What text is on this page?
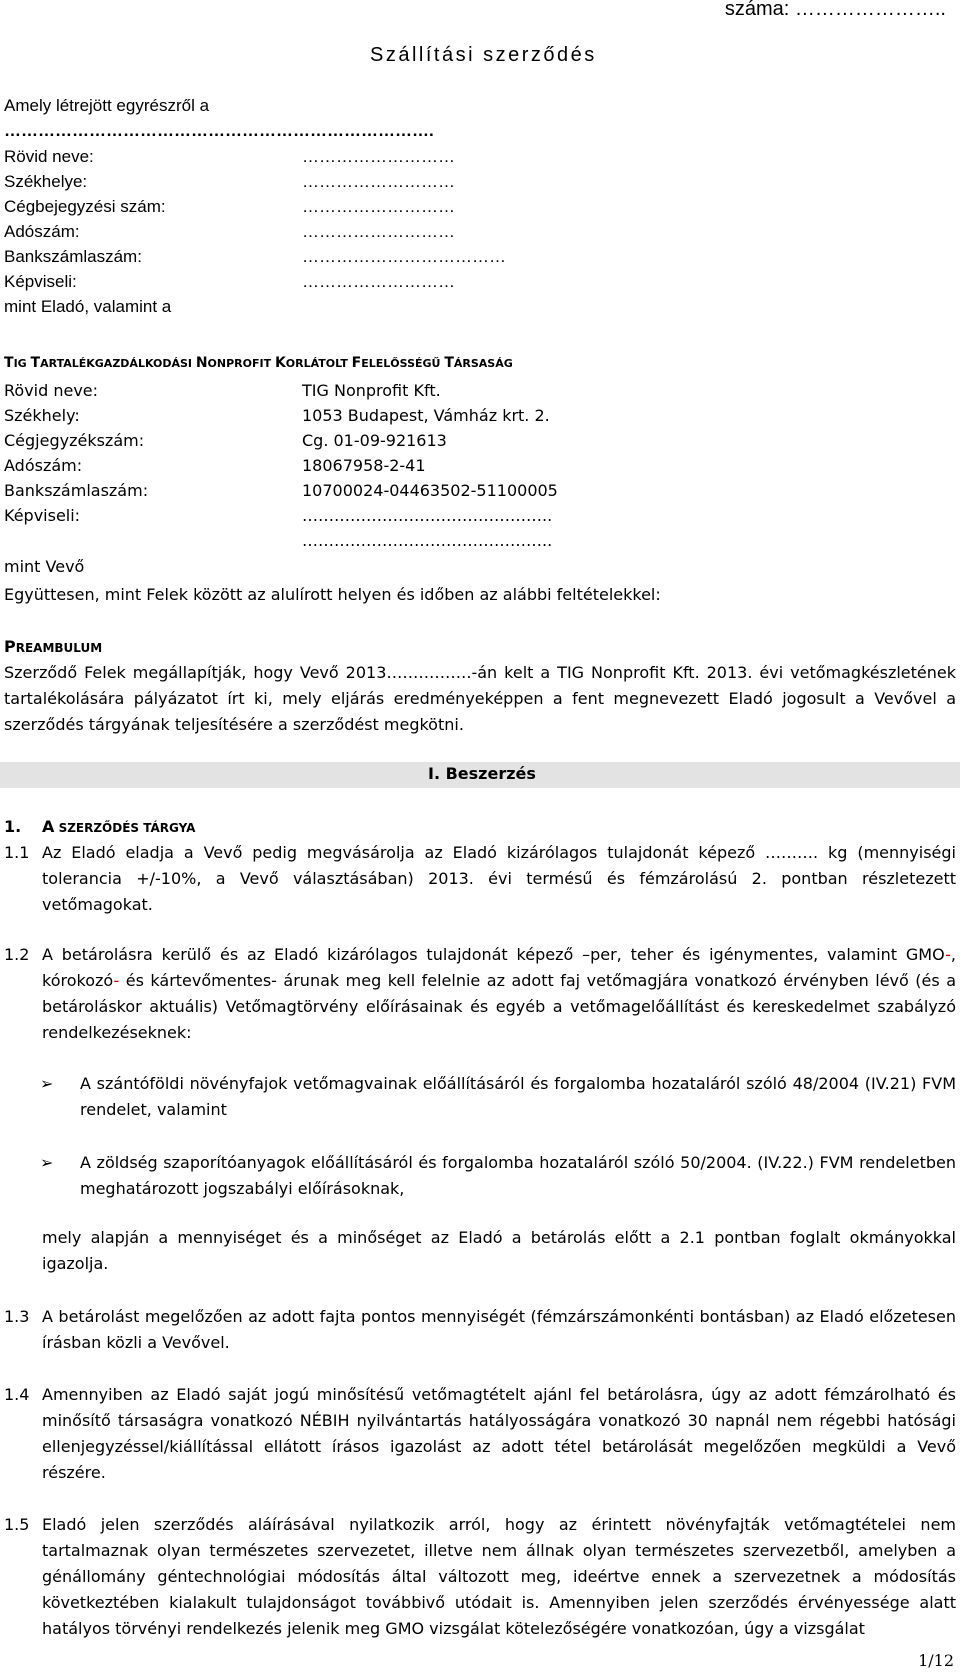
száma: …………………..
Szállítási szerződés
Amely létrejött egyrészről a
………………………………………………………………….
Rövid neve:	………………………
Székhelye:	………………………
Cégbejegyzési szám:	………………………
Adószám:	………………………
Bankszámlaszám:	………………………………
Képviseli:	………………………
mint Eladó, valamint a
TIG TARTALÉKGAZDÁLKODÁSI NONPROFIT KORLÁTOLT FELELŐSSÉGŰ TÁRSASÁG
Rövid neve:	TIG Nonprofit Kft.
Székhely:	1053 Budapest, Vámház krt. 2.
Cégjegyzékszám:	Cg. 01-09-921613
Adószám:	18067958-2-41
Bankszámlaszám:	10700024-04463502-51100005
Képviseli:	………………………………………..
………………………………………..
mint Vevő
Együttesen, mint Felek között az alulírott helyen és időben az alábbi feltételekkel:
PREAMBULUM
Szerződő Felek megállapítják, hogy Vevő 2013…………….-án kelt a TIG Nonprofit Kft. 2013. évi vetőmagkészletének tartalékolására pályázatot írt ki, mely eljárás eredményeképpen a fent megnevezett Eladó jogosult a Vevővel a szerződés tárgyának teljesítésére a szerződést megkötni.
I. Beszerzés
1. A SZERZŐDÉS TÁRGYA
1.1 Az Eladó eladja a Vevő pedig megvásárolja az Eladó kizárólagos tulajdonát képező ………. kg (mennyiségi tolerancia +/-10%, a Vevő választásában) 2013. évi termésű és fémzárolású 2. pontban részletezett vetőmagokat.
1.2 A betárolásra kerülő és az Eladó kizárólagos tulajdonát képező –per, teher és igénymentes, valamint GMO-, kórokozó- és kártevőmentes- árunak meg kell felelnie az adott faj vetőmagjára vonatkozó érvényben lévő (és a betároláskor aktuális) Vetőmagtörvény előírásainak és egyéb a vetőmagelőállítást és kereskedelmet szabályzó rendelkezéseknek:
➢ A szántóföldi növényfajok vetőmagvainak előállításáról és forgalomba hozataláról szóló 48/2004 (IV.21) FVM rendelet, valamint
➢ A zöldség szaporítóanyagok előállításáról és forgalomba hozataláról szóló 50/2004. (IV.22.) FVM rendeletben meghatározott jogszabályi előírásoknak,
mely alapján a mennyiséget és a minőséget az Eladó a betárolás előtt a 2.1 pontban foglalt okmányokkal igazolja.
1.3 A betárolást megelőzően az adott fajta pontos mennyiségét (fémzárszámonkénti bontásban) az Eladó előzetesen írásban közli a Vevővel.
1.4 Amennyiben az Eladó saját jogú minősítésű vetőmagtételt ajánl fel betárolásra, úgy az adott fémzárolható és minősítő társaságra vonatkozó NÉBIH nyilvántartás hatályosságára vonatkozó 30 napnál nem régebbi hatósági ellenjegyzéssel/kiállítással ellátott írásos igazolást az adott tétel betárolását megelőzően megküldi a Vevő részére.
1.5 Eladó jelen szerződés aláírásával nyilatkozik arról, hogy az érintett növényfajták vetőmagtételei nem tartalmaznak olyan természetes szervezetet, illetve nem állnak olyan természetes szervezetből, amelyben a génállomány géntechnológiai módosítás által változott meg, ideértve ennek a szervezetnek a módosítás következtében kialakult tulajdonságot továbbivő utódait is. Amennyiben jelen szerződés érvényessége alatt hatályos törvényi rendelkezés jelenik meg GMO vizsgálat kötelezőségére vonatkozóan, úgy a vizsgálat
1/12
